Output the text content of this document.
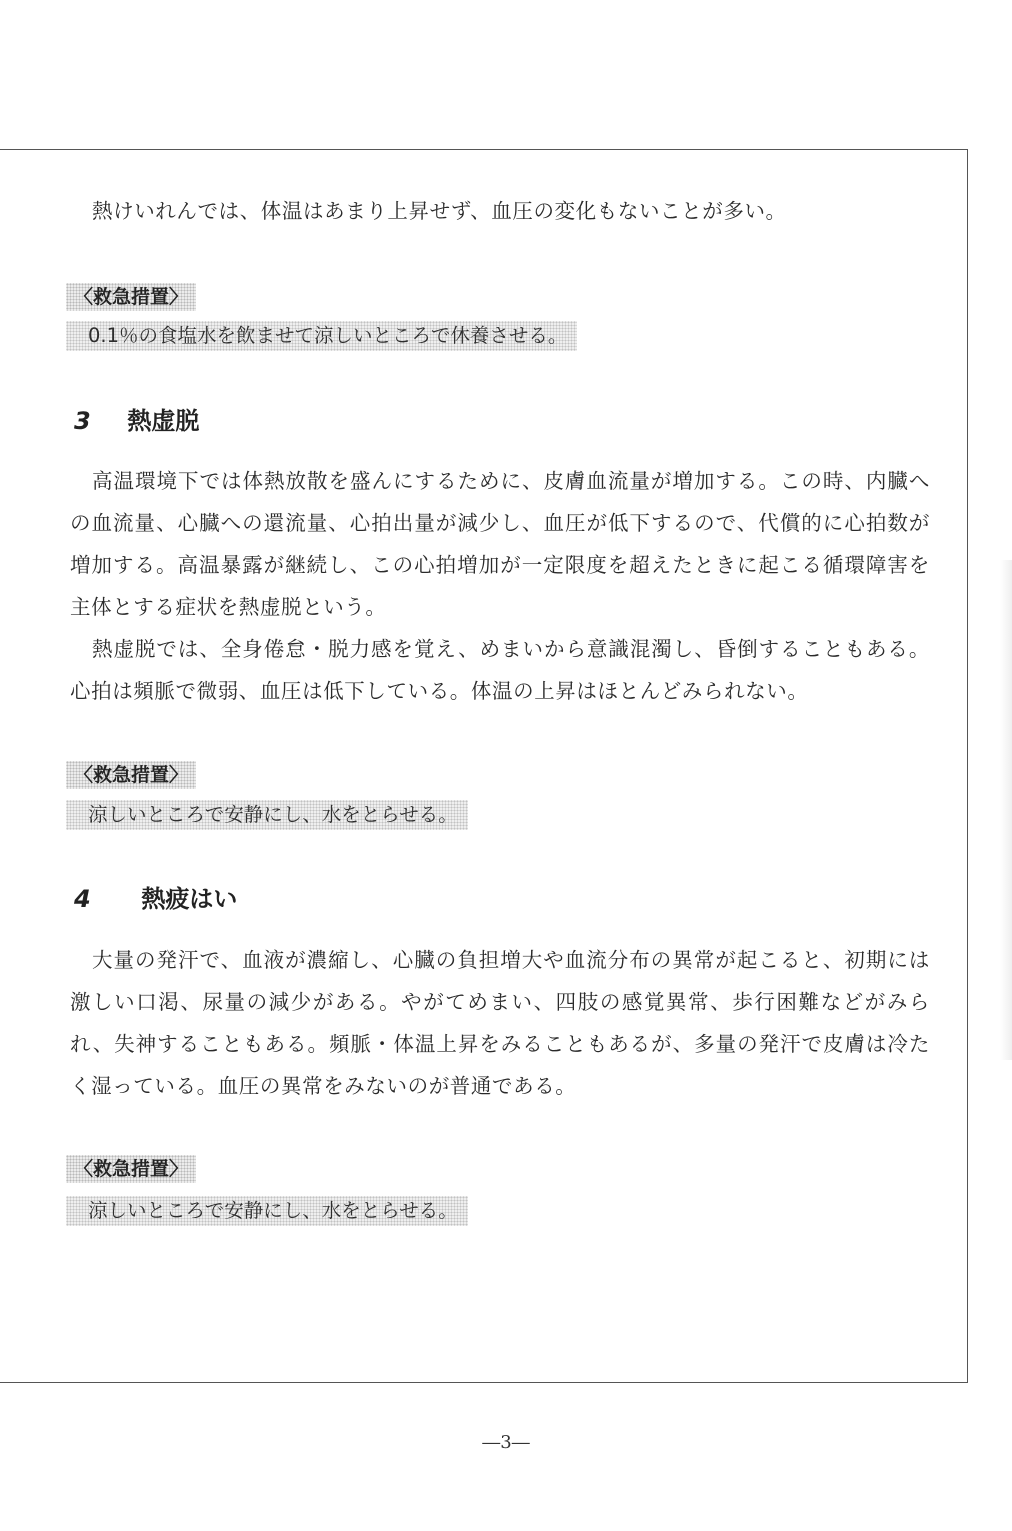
熱けいれんでは、体温はあまり上昇せず、血圧の変化もないことが多い。

〈救急措置〉
0.1％の食塩水を飲ませて涼しいところで休養させる。
3 熱虚脱

高温環境下では体熱放散を盛んにするために、皮膚血流量が増加する。この時、内臓への血流量、心臓への還流量、心拍出量が減少し、血圧が低下するので、代償的に心拍数が増加する。高温暴露が継続し、この心拍増加が一定限度を超えたときに起こる循環障害を主体とする症状を熱虚脱という。

熱虚脱では、全身倦怠・脱力感を覚え、めまいから意識混濁し、昏倒することもある。心拍は頻脈で微弱、血圧は低下している。体温の上昇はほとんどみられない。

〈救急措置〉
涼しいところで安静にし、水をとらせる。
4 熱疲はい

大量の発汗で、血液が濃縮し、心臓の負担増大や血流分布の異常が起こると、初期には激しい口渇、尿量の減少がある。やがてめまい、四肢の感覚異常、歩行困難などがみられ、失神することもある。頻脈・体温上昇をみることもあるが、多量の発汗で皮膚は冷たく湿っている。血圧の異常をみないのが普通である。

〈救急措置〉
涼しいところで安静にし、水をとらせる。
―3―
